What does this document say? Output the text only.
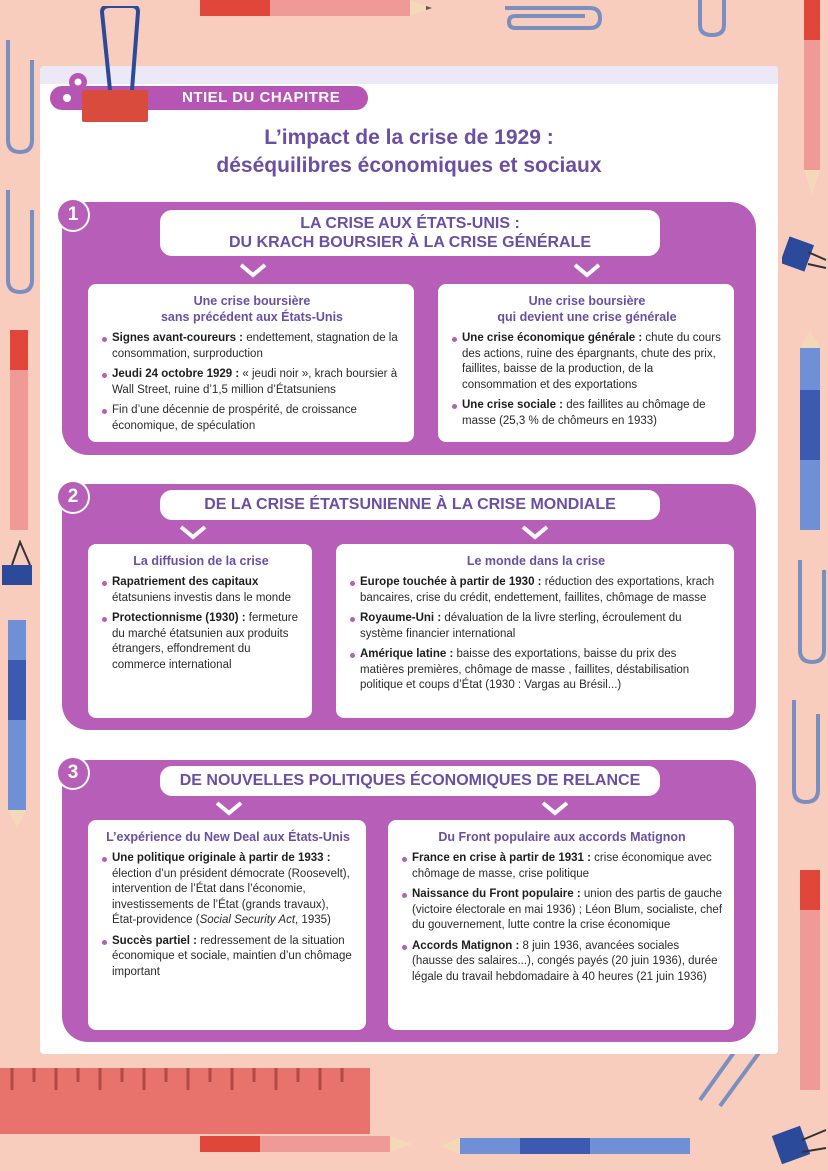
NTIEL DU CHAPITRE
L’impact de la crise de 1929 :
déséquilibres économiques et sociaux
1	LA CRISE AUX ÉTATS-UNIS :
DU KRACH BOURSIER À LA CRISE GÉNÉRALE
Une crise boursière
sans précédent aux États-Unis
Signes avant-coureurs : endettement, stagnation de la consommation, surproduction
Jeudi 24 octobre 1929 : « jeudi noir », krach boursier à Wall Street, ruine d’1,5 million d’Étatsuniens
Fin d’une décennie de prospérité, de croissance économique, de spéculation
Une crise boursière
qui devient une crise générale
Une crise économique générale : chute du cours des actions, ruine des épargnants, chute des prix, faillites, baisse de la production, de la consommation et des exportations
Une crise sociale : des faillites au chômage de masse (25,3 % de chômeurs en 1933)
2	DE LA CRISE ÉTATSUNIENNE À LA CRISE MONDIALE
La diffusion de la crise
Rapatriement des capitaux étatsuniens investis dans le monde
Protectionnisme (1930) : fermeture du marché étatsunien aux produits étrangers, effondrement du commerce international
Le monde dans la crise
Europe touchée à partir de 1930 : réduction des exportations, krach bancaires, crise du crédit, endettement, faillites, chômage de masse
Royaume-Uni : dévaluation de la livre sterling, écroulement du système financier international
Amérique latine : baisse des exportations, baisse du prix des matières premières, chômage de masse , faillites, déstabilisation politique et coups d’État (1930 : Vargas au Brésil...)
3	DE NOUVELLES POLITIQUES ÉCONOMIQUES DE RELANCE
L’expérience du New Deal aux États-Unis
Une politique originale à partir de 1933 : élection d’un président démocrate (Roosevelt), intervention de l’État dans l’économie, investissements de l’État (grands travaux), État-providence (Social Security Act, 1935)
Succès partiel : redressement de la situation économique et sociale, maintien d’un chômage important
Du Front populaire aux accords Matignon
France en crise à partir de 1931 : crise économique avec chômage de masse, crise politique
Naissance du Front populaire : union des partis de gauche (victoire électorale en mai 1936) ; Léon Blum, socialiste, chef du gouvernement, lutte contre la crise économique
Accords Matignon : 8 juin 1936, avancées sociales (hausse des salaires...), congés payés (20 juin 1936), durée légale du travail hebdomadaire à 40 heures (21 juin 1936)
